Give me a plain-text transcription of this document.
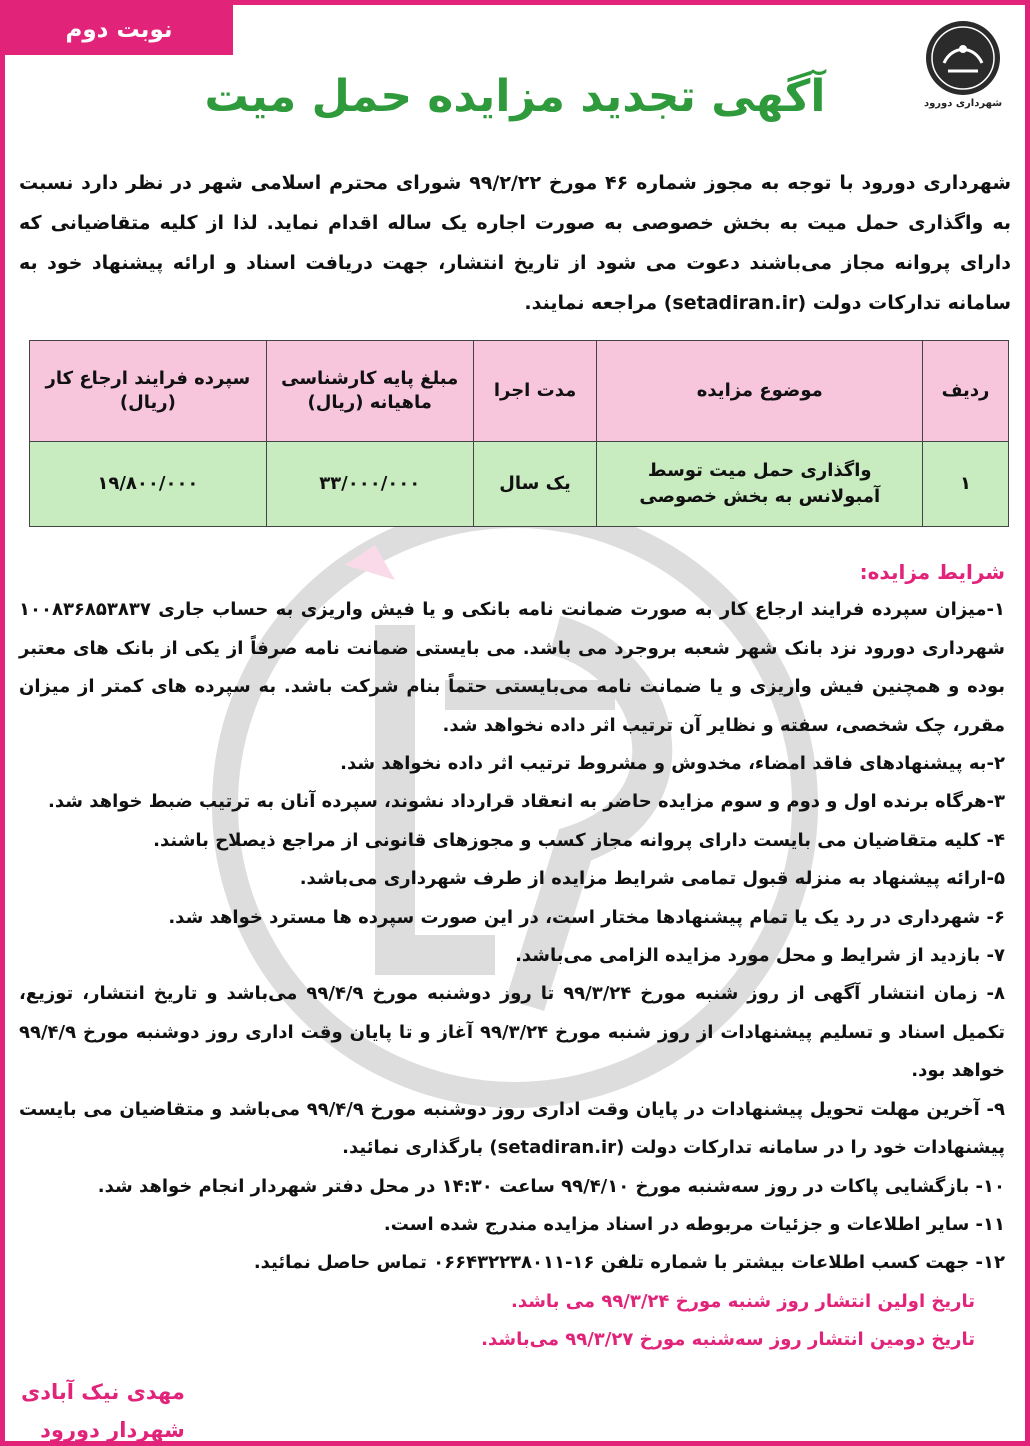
نوبت دوم
شهرداری دورود
آگهی تجدید مزایده حمل میت
شهرداری دورود با توجه به مجوز شماره ۴۶ مورخ ۹۹/۲/۲۲ شورای محترم اسلامی شهر در نظر دارد نسبت به واگذاری حمل میت به بخش خصوصی به صورت اجاره یک ساله اقدام نماید. لذا از کلیه متقاضیانی که دارای پروانه مجاز می‌باشند دعوت می شود از تاریخ انتشار، جهت دریافت اسناد و ارائه پیشنهاد خود به سامانه تدارکات دولت (setadiran.ir) مراجعه نمایند.
ردیف	موضوع مزایده	مدت اجرا	مبلغ پایه کارشناسی ماهیانه (ریال)	سپرده فرایند ارجاع کار (ریال)
۱	واگذاری حمل میت توسط آمبولانس به بخش خصوصی	یک سال	۳۳/۰۰۰/۰۰۰	۱۹/۸۰۰/۰۰۰
شرایط مزایده:
۱-میزان سپرده فرایند ارجاع کار به صورت ضمانت نامه بانکی و یا فیش واریزی به حساب جاری ۱۰۰۸۳۶۸۵۳۸۳۷ شهرداری دورود نزد بانک شهر شعبه بروجرد می باشد. می بایستی ضمانت نامه صرفاً از یکی از بانک های معتبر بوده و همچنین فیش واریزی و یا ضمانت نامه می‌بایستی حتماً بنام شرکت باشد. به سپرده های کمتر از میزان مقرر، چک شخصی، سفته و نظایر آن ترتیب اثر داده نخواهد شد.
۲-به پیشنهادهای فاقد امضاء، مخدوش و مشروط ترتیب اثر داده نخواهد شد.
۳-هرگاه برنده اول و دوم و سوم مزایده حاضر به انعقاد قرارداد نشوند، سپرده آنان به ترتیب ضبط خواهد شد.
۴- کلیه متقاضیان می بایست دارای پروانه مجاز کسب و مجوزهای قانونی از مراجع ذیصلاح باشند.
۵-ارائه پیشنهاد به منزله قبول تمامی شرایط مزایده از طرف شهرداری می‌باشد.
۶- شهرداری در رد یک یا تمام پیشنهادها مختار است، در این صورت سپرده ها مسترد خواهد شد.
۷- بازدید از شرایط و محل مورد مزایده الزامی می‌باشد.
۸- زمان انتشار آگهی از روز شنبه مورخ ۹۹/۳/۲۴ تا روز دوشنبه مورخ ۹۹/۴/۹ می‌باشد و تاریخ انتشار، توزیع، تکمیل اسناد و تسلیم پیشنهادات از روز شنبه مورخ ۹۹/۳/۲۴ آغاز و تا پایان وقت اداری روز دوشنبه مورخ ۹۹/۴/۹ خواهد بود.
۹- آخرین مهلت تحویل پیشنهادات در پایان وقت اداری روز دوشنبه مورخ ۹۹/۴/۹ می‌باشد و متقاضیان می بایست پیشنهادات خود را در سامانه تدارکات دولت (setadiran.ir) بارگذاری نمائید.
۱۰- بازگشایی پاکات در روز سه‌شنبه مورخ ۹۹/۴/۱۰ ساعت ۱۴:۳۰ در محل دفتر شهردار انجام خواهد شد.
۱۱- سایر اطلاعات و جزئیات مربوطه در اسناد مزایده مندرج شده است.
۱۲- جهت کسب اطلاعات بیشتر با شماره تلفن ۱۶-۰۶۶۴۳۲۲۳۸۰۱۱ تماس حاصل نمائید.
تاریخ اولین انتشار روز شنبه مورخ ۹۹/۳/۲۴ می باشد.
تاریخ دومین انتشار روز سه‌شنبه مورخ ۹۹/۳/۲۷ می‌باشد.
مهدی نیک آبادی
شهردار دورود
